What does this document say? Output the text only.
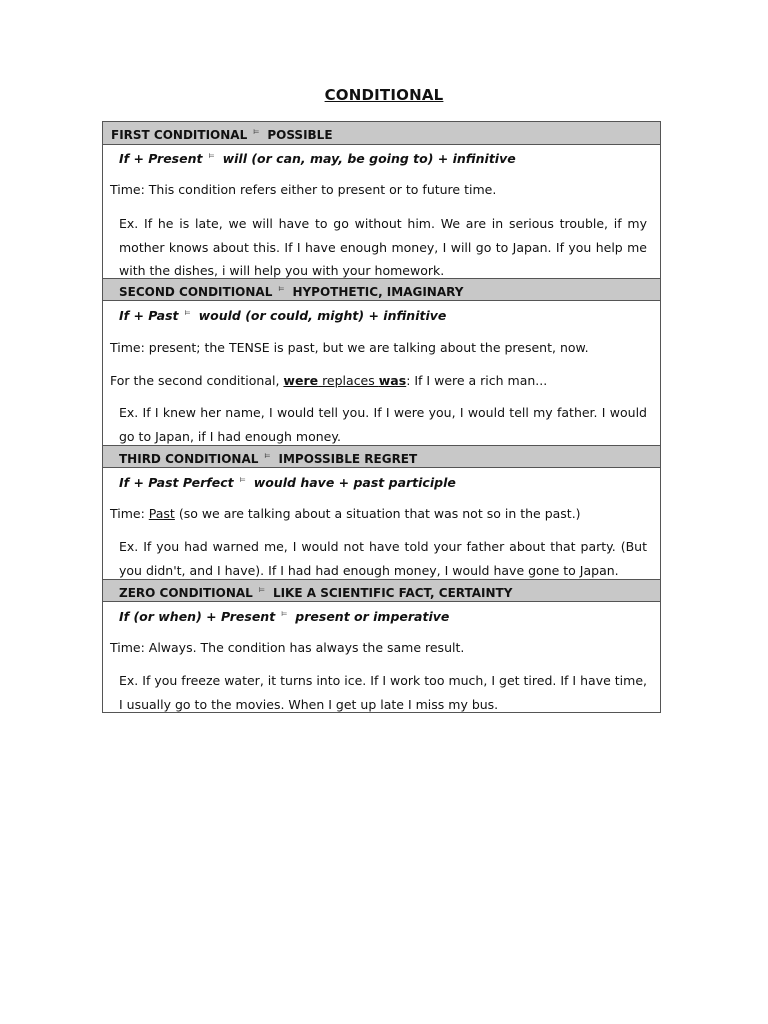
CONDITIONAL
FIRST CONDITIONAL ⊨ POSSIBLE
If + Present ⊨ will (or can, may, be going to) + infinitive
Time: This condition refers either to present or to future time.
Ex. If he is late, we will have to go without him. We are in serious trouble, if my mother knows about this. If I have enough money, I will go to Japan. If you help me with the dishes, i will help you with your homework.
SECOND CONDITIONAL ⊨ HYPOTHETIC, IMAGINARY
If + Past ⊨ would (or could, might) + infinitive
Time: present; the TENSE is past, but we are talking about the present, now.
For the second conditional, were replaces was: If I were a rich man...
Ex. If I knew her name, I would tell you. If I were you, I would tell my father. I would go to Japan, if I had enough money.
THIRD CONDITIONAL ⊨ IMPOSSIBLE REGRET
If + Past Perfect ⊨ would have + past participle
Time: Past (so we are talking about a situation that was not so in the past.)
Ex. If you had warned me, I would not have told your father about that party. (But you didn't, and I have). If I had had enough money, I would have gone to Japan.
ZERO CONDITIONAL ⊨ LIKE A SCIENTIFIC FACT, CERTAINTY
If (or when) + Present ⊨ present or imperative
Time: Always. The condition has always the same result.
Ex. If you freeze water, it turns into ice. If I work too much, I get tired. If I have time, I usually go to the movies. When I get up late I miss my bus.
